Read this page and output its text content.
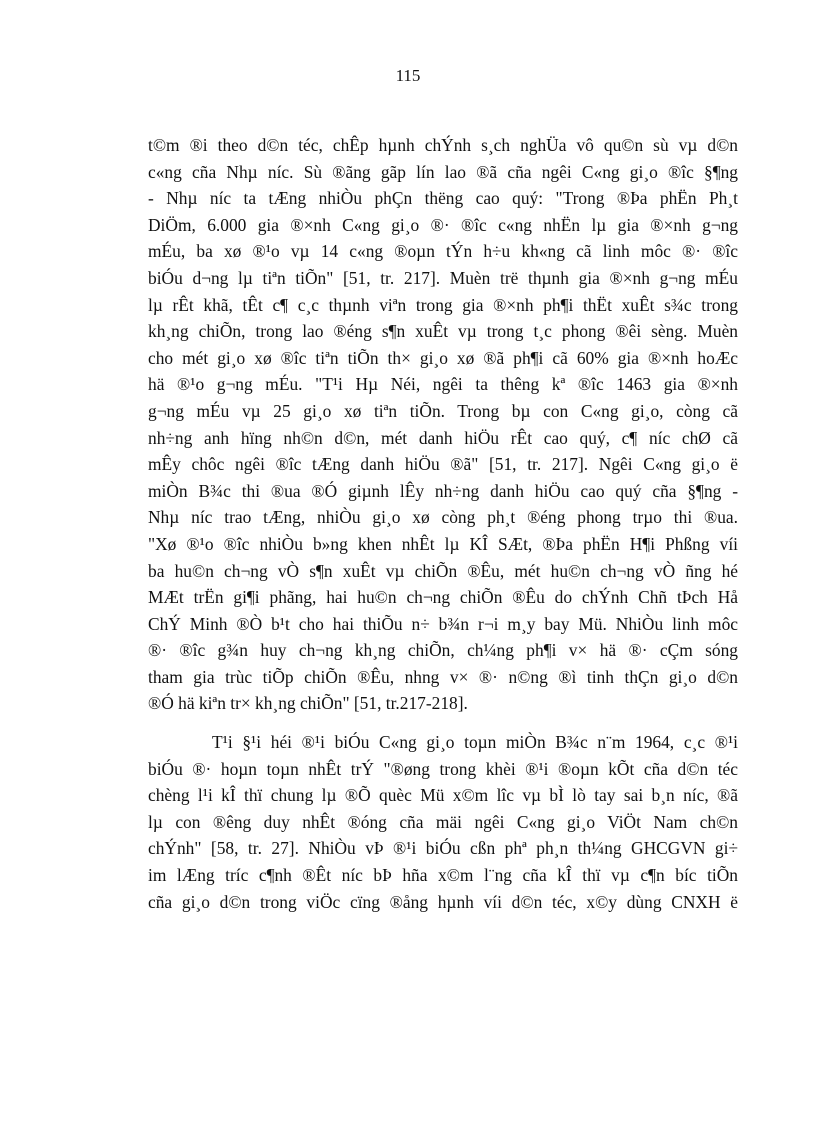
115
t©m ®i theo d©n téc, chÊp hµnh chÝnh s¸ch nghÜa vô qu©n sù vµ d©n
c«ng cña Nhµ níc. Sù ®ãng gãp lín lao ®ã cña ngêi C«ng gi¸o ®îc §¶ng
- Nhµ níc ta tÆng nhiÒu phÇn thëng cao quý: "Trong ®Þa phËn Ph¸t
DiÖm, 6.000 gia ®×nh C«ng gi¸o ®· ®îc c«ng nhËn lµ gia ®×nh g¬ng
mÉu, ba xø ®¹o vµ 14 c«ng ®oµn tÝn h÷u kh«ng cã linh môc ®· ®îc
biÓu d¬ng lµ tiªn tiÕn" [51, tr. 217]. Muèn trë thµnh gia ®×nh g¬ng mÉu
lµ rÊt khã, tÊt c¶ c¸c thµnh viªn trong gia ®×nh ph¶i thËt xuÊt s¾c trong
kh¸ng chiÕn, trong lao ®éng s¶n xuÊt vµ trong t¸c phong ®êi sèng. Muèn
cho mét gi¸o xø ®îc tiªn tiÕn th× gi¸o xø ®ã ph¶i cã 60% gia ®×nh hoÆc
hä ®¹o g¬ng mÉu. "T¹i Hµ Néi, ngêi ta thêng kª ®îc 1463 gia ®×nh
g¬ng mÉu vµ 25 gi¸o xø tiªn tiÕn. Trong bµ con C«ng gi¸o, còng cã
nh÷ng anh hïng nh©n d©n, mét danh hiÖu rÊt cao quý, c¶ níc chØ cã
mÊy chôc ngêi ®îc tÆng danh hiÖu ®ã" [51, tr. 217]. Ngêi C«ng gi¸o ë
miÒn B¾c thi ®ua ®Ó giµnh lÊy nh÷ng danh hiÖu cao quý cña §¶ng -
Nhµ níc trao tÆng, nhiÒu gi¸o xø còng ph¸t ®éng phong trµo thi ®ua.
"Xø ®¹o ®îc nhiÒu b»ng khen nhÊt lµ KÎ SÆt, ®Þa phËn H¶i Phßng víi
ba hu©n ch¬ng vÒ s¶n xuÊt vµ chiÕn ®Êu, mét hu©n ch¬ng vÒ ñng hé
MÆt trËn gi¶i phãng, hai hu©n ch¬ng chiÕn ®Êu do chÝnh Chñ tÞch Hå
ChÝ Minh ®Ò b¹t cho hai thiÕu n÷ b¾n r¬i m¸y bay Mü. NhiÒu linh môc
®· ®îc g¾n huy ch¬ng kh¸ng chiÕn, ch¼ng ph¶i v× hä ®· cÇm sóng
tham gia trùc tiÕp chiÕn ®Êu, nhng v× ®· n©ng ®ì tinh thÇn gi¸o d©n
®Ó hä kiªn tr× kh¸ng chiÕn" [51, tr.217-218].
T¹i §¹i héi ®¹i biÓu C«ng gi¸o toµn miÒn B¾c n¨m 1964, c¸c ®¹i
biÓu ®· hoµn toµn nhÊt trÝ "®øng trong khèi ®¹i ®oµn kÕt cña d©n téc
chèng l¹i kÎ thï chung lµ ®Õ quèc Mü x©m lîc vµ bÌ lò tay sai b¸n níc, ®ã
lµ con ®êng duy nhÊt ®óng cña mäi ngêi C«ng gi¸o ViÖt Nam ch©n
chÝnh" [58, tr. 27]. NhiÒu vÞ ®¹i biÓu cßn phª ph¸n th¼ng GHCGVN gi÷
im lÆng tríc c¶nh ®Êt níc bÞ hña x©m l¨ng cña kÎ thï vµ c¶n bíc tiÕn
cña gi¸o d©n trong viÖc cïng ®ång hµnh víi d©n téc, x©y dùng CNXH ë
